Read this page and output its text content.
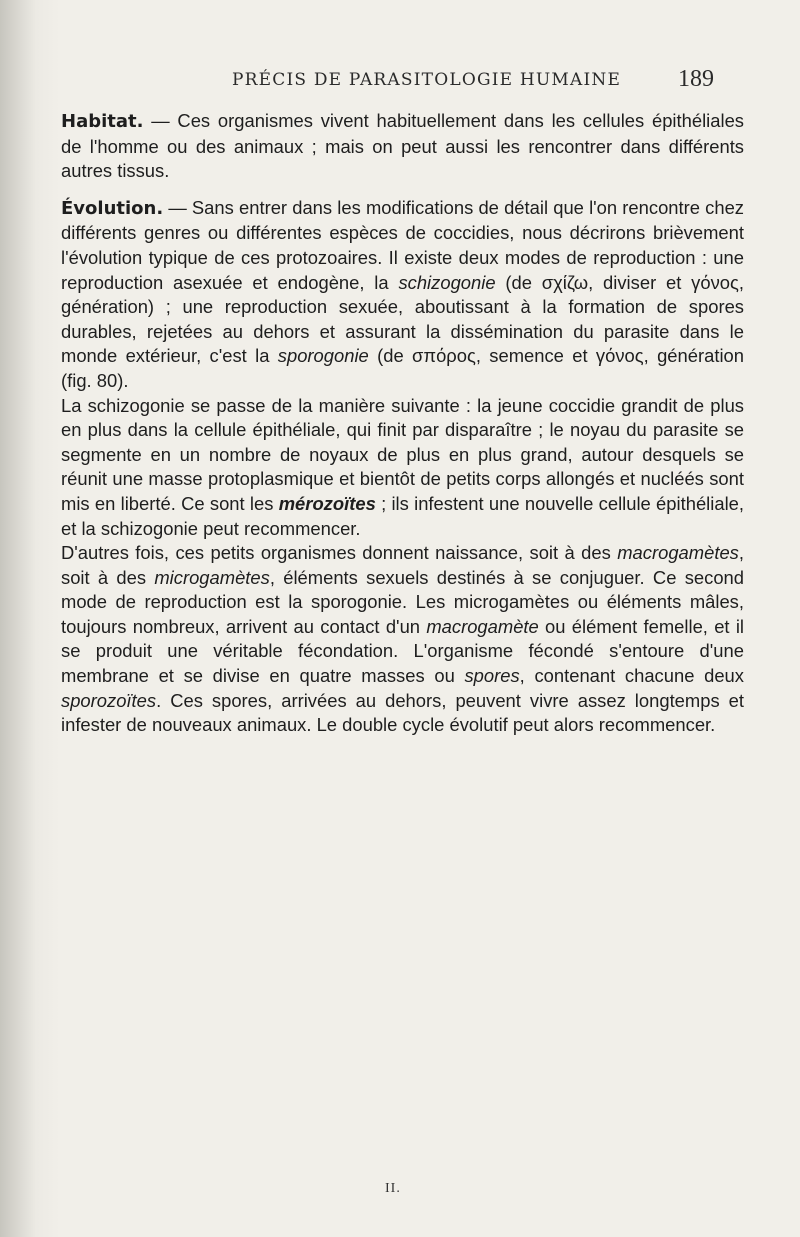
PRÉCIS DE PARASITOLOGIE HUMAINE 189

Habitat. — Ces organismes vivent habituellement dans les cellules épithéliales de l'homme ou des animaux ; mais on peut aussi les rencontrer dans différents autres tissus.

Évolution. — Sans entrer dans les modifications de détail que l'on rencontre chez différents genres ou différentes espèces de coccidies, nous décrirons brièvement l'évolution typique de ces protozoaires. Il existe deux modes de reproduction : une reproduction asexuée et endogène, la schizogonie (de σχίζω, diviser et γόνος, génération) ; une reproduction sexuée, aboutissant à la formation de spores durables, rejetées au dehors et assurant la dissémination du parasite dans le monde extérieur, c'est la sporogonie (de σπόρος, semence et γόνος, génération (fig. 80).

La schizogonie se passe de la manière suivante : la jeune coccidie grandit de plus en plus dans la cellule épithéliale, qui finit par disparaître ; le noyau du parasite se segmente en un nombre de noyaux de plus en plus grand, autour desquels se réunit une masse protoplasmique et bientôt de petits corps allongés et nucléés sont mis en liberté. Ce sont les mérozoïtes ; ils infestent une nouvelle cellule épithéliale, et la schizogonie peut recommencer.

D'autres fois, ces petits organismes donnent naissance, soit à des macrogamètes, soit à des microgamètes, éléments sexuels destinés à se conjuguer. Ce second mode de reproduction est la sporogonie. Les microgamètes ou éléments mâles, toujours nombreux, arrivent au contact d'un macrogamète ou élément femelle, et il se produit une véritable fécondation. L'organisme fécondé s'entoure d'une membrane et se divise en quatre masses ou spores, contenant chacune deux sporozoïtes. Ces spores, arrivées au dehors, peuvent vivre assez longtemps et infester de nouveaux animaux. Le double cycle évolutif peut alors recommencer.

II.
